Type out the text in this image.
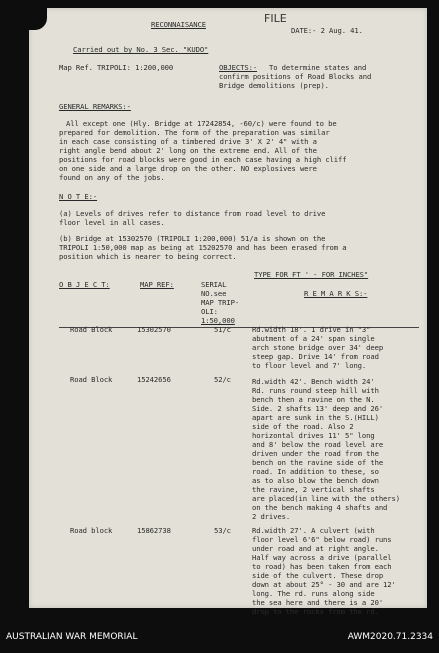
RECONNAISANCE	FILE
DATE:- 2 Aug. 41.
Carried out by No. 3 Sec. "KUDO"
Map Ref. TRIPOLI: 1:200,000	OBJECTS:- To determine states and
confirm positions of Road Blocks and
Bridge demolitions (prep).
GENERAL REMARKS:-
All except one (Hly. Bridge at 17242854, -60/c) were found to be
prepared for demolition. The form of the preparation was similar
in each case consisting of a timbered drive 3' X 2' 4" with a
right angle bend about 2' long on the extreme end. All of the
positions for road blocks were good in each case having a high cliff
on one side and a large drop on the other. NO explosives were
found on any of the jobs.
N O T E:-
(a) Levels of drives refer to distance from road level to drive
floor level in all cases.
(b) Bridge at 15302570 (TRIPOLI 1:200,000) 51/a is shown on the
TRIPOLI 1:50,000 map as being at 15202570 and has been erased from a
position which is nearer to being correct.
TYPE FOR FT ' - FOR INCHES"
O B J E C T:	MAP REF:	SERIAL
NO.see
MAP TRIP-
OLI:
1:50,000
R E M A R K S:-
Road Block	15302570	51/c	Rd.width 18'. 1 drive in "3"
abutment of a 24' span single
arch stone bridge over 34' deep
steep gap. Drive 14' from road
to floor level and 7' long.
Road Block	15242656	52/c	Rd.width 42'. Bench width 24'
Rd. runs round steep hill with
bench then a ravine on the N.
Side. 2 shafts 13' deep and 26'
apart are sunk in the S.(HILL)
side of the road. Also 2
horizontal drives 11' 5" long
and 8' below the road level are
driven under the road from the
bench on the ravine side of the
road. In addition to these, so
as to also blow the bench down
the ravine, 2 vertical shafts
are placed(in line with the others)
on the bench making 4 shafts and
2 drives.
Road block	15862738	53/c	Rd.width 27'. A culvert (with
floor level 6'6" below road) runs
under road and at right angle.
Half way across a drive (parallel
to road) has been taken from each
side of the culvert. These drop
down at about 25° - 30 and are 12'
long. The rd. runs along side
the sea here and there is a 20'
drop to the rocks from the rd.
AUSTRALIAN WAR MEMORIAL	AWM2020.71.2334
